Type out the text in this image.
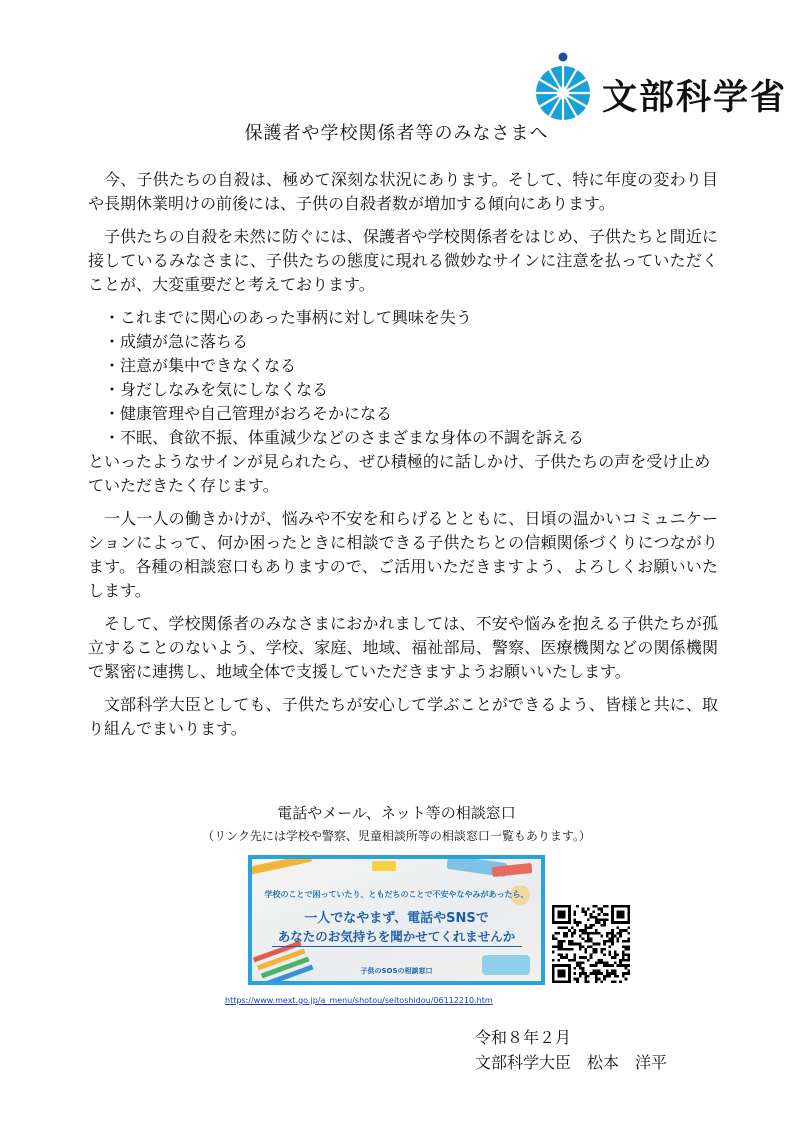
文部科学省
保護者や学校関係者等のみなさまへ

今、子供たちの自殺は、極めて深刻な状況にあります。そして、特に年度の変わり目や長期休業明けの前後には、子供の自殺者数が増加する傾向にあります。

子供たちの自殺を未然に防ぐには、保護者や学校関係者をはじめ、子供たちと間近に接しているみなさまに、子供たちの態度に現れる微妙なサインに注意を払っていただくことが、大変重要だと考えております。

・これまでに関心のあった事柄に対して興味を失う
・成績が急に落ちる
・注意が集中できなくなる
・身だしなみを気にしなくなる
・健康管理や自己管理がおろそかになる
・不眠、食欲不振、体重減少などのさまざまな身体の不調を訴える

といったようなサインが見られたら、ぜひ積極的に話しかけ、子供たちの声を受け止めていただきたく存じます。

一人一人の働きかけが、悩みや不安を和らげるとともに、日頃の温かいコミュニケーションによって、何か困ったときに相談できる子供たちとの信頼関係づくりにつながります。各種の相談窓口もありますので、ご活用いただきますよう、よろしくお願いいたします。

そして、学校関係者のみなさまにおかれましては、不安や悩みを抱える子供たちが孤立することのないよう、学校、家庭、地域、福祉部局、警察、医療機関などの関係機関で緊密に連携し、地域全体で支援していただきますようお願いいたします。

文部科学大臣としても、子供たちが安心して学ぶことができるよう、皆様と共に、取り組んでまいります。

電話やメール、ネット等の相談窓口
（リンク先には学校や警察、児童相談所等の相談窓口一覧もあります。）
学校のことで困っていたり、ともだちのことで不安やなやみがあったら、
一人でなやまず、電話やSNSで
あなたのお気持ちを聞かせてくれませんか
子供のSOSの相談窓口
https://www.mext.go.jp/a_menu/shotou/seitoshidou/06112210.htm
令和８年２月
文部科学大臣　松本　洋平
